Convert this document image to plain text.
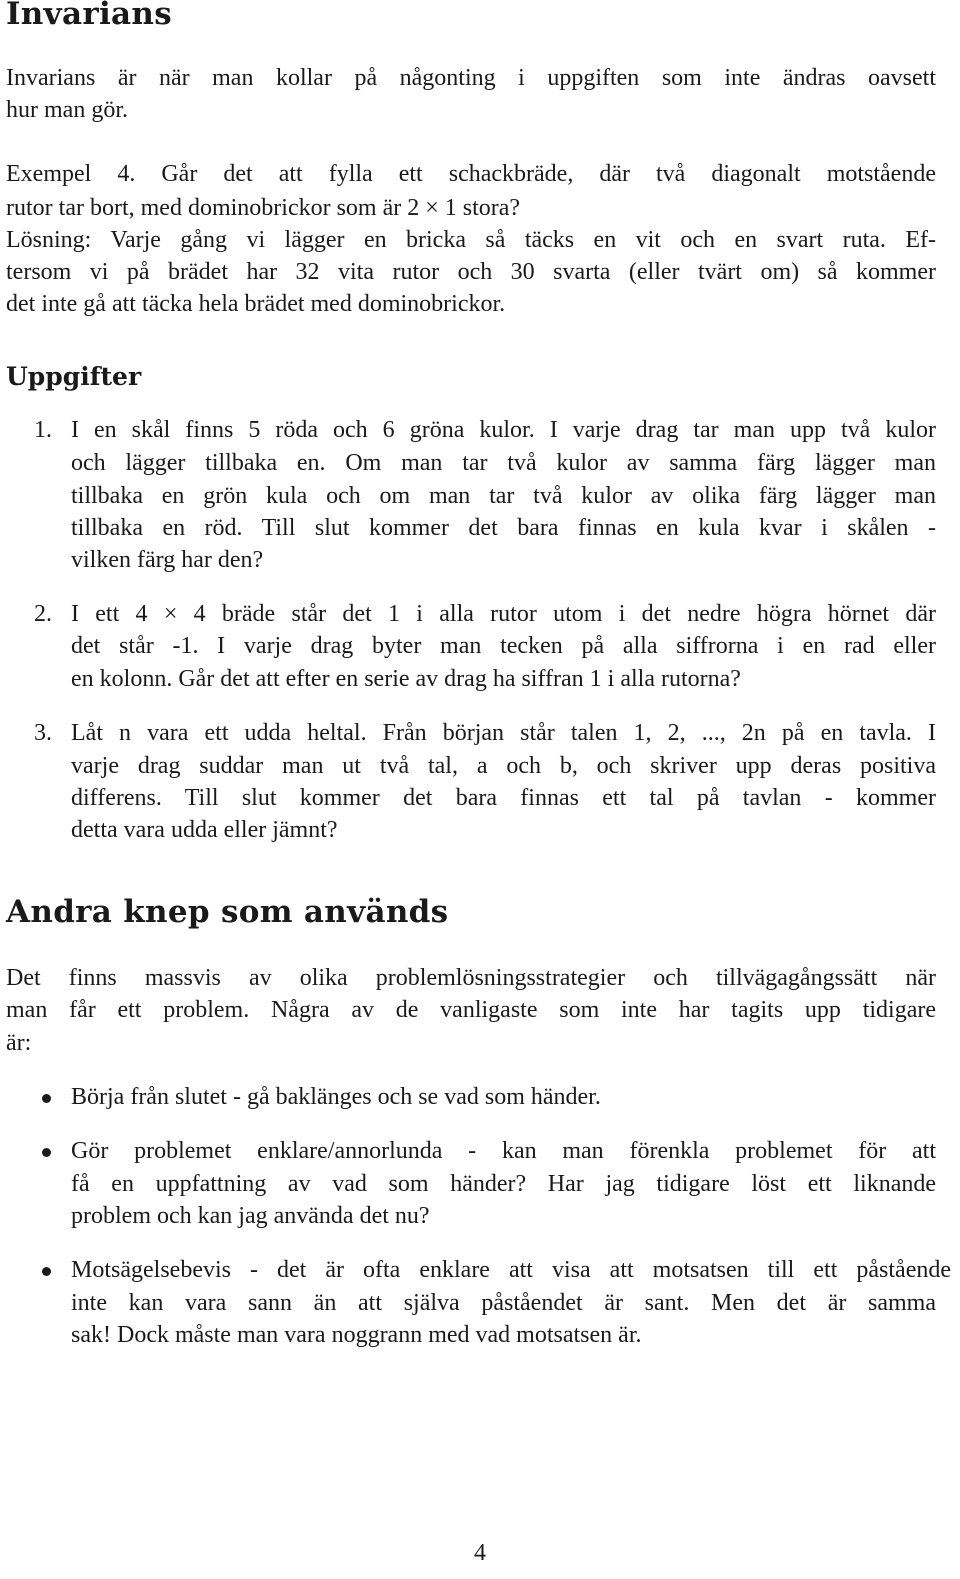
Invarians
Invarians är när man kollar på någonting i uppgiften som inte ändras oavsett
hur man gör.
Exempel 4. Går det att fylla ett schackbräde, där två diagonalt motstående
rutor tar bort, med dominobrickor som är 2 × 1 stora?
Lösning: Varje gång vi lägger en bricka så täcks en vit och en svart ruta. Ef-
tersom vi på brädet har 32 vita rutor och 30 svarta (eller tvärt om) så kommer
det inte gå att täcka hela brädet med dominobrickor.
Uppgifter
1. I en skål finns 5 röda och 6 gröna kulor. I varje drag tar man upp två kulor
och lägger tillbaka en. Om man tar två kulor av samma färg lägger man
tillbaka en grön kula och om man tar två kulor av olika färg lägger man
tillbaka en röd. Till slut kommer det bara finnas en kula kvar i skålen -
vilken färg har den?
2. I ett 4 × 4 bräde står det 1 i alla rutor utom i det nedre högra hörnet där
det står -1. I varje drag byter man tecken på alla siffrorna i en rad eller
en kolonn. Går det att efter en serie av drag ha siffran 1 i alla rutorna?
3. Låt n vara ett udda heltal. Från början står talen 1, 2, ..., 2n på en tavla. I
varje drag suddar man ut två tal, a och b, och skriver upp deras positiva
differens. Till slut kommer det bara finnas ett tal på tavlan - kommer
detta vara udda eller jämnt?
Andra knep som används
Det finns massvis av olika problemlösningsstrategier och tillvägagångssätt när
man får ett problem. Några av de vanligaste som inte har tagits upp tidigare
är:
Börja från slutet - gå baklänges och se vad som händer.
Gör problemet enklare/annorlunda - kan man förenkla problemet för att
få en uppfattning av vad som händer? Har jag tidigare löst ett liknande
problem och kan jag använda det nu?
Motsägelsebevis - det är ofta enklare att visa att motsatsen till ett påstående
inte kan vara sann än att själva påståendet är sant. Men det är samma
sak! Dock måste man vara noggrann med vad motsatsen är.
4
